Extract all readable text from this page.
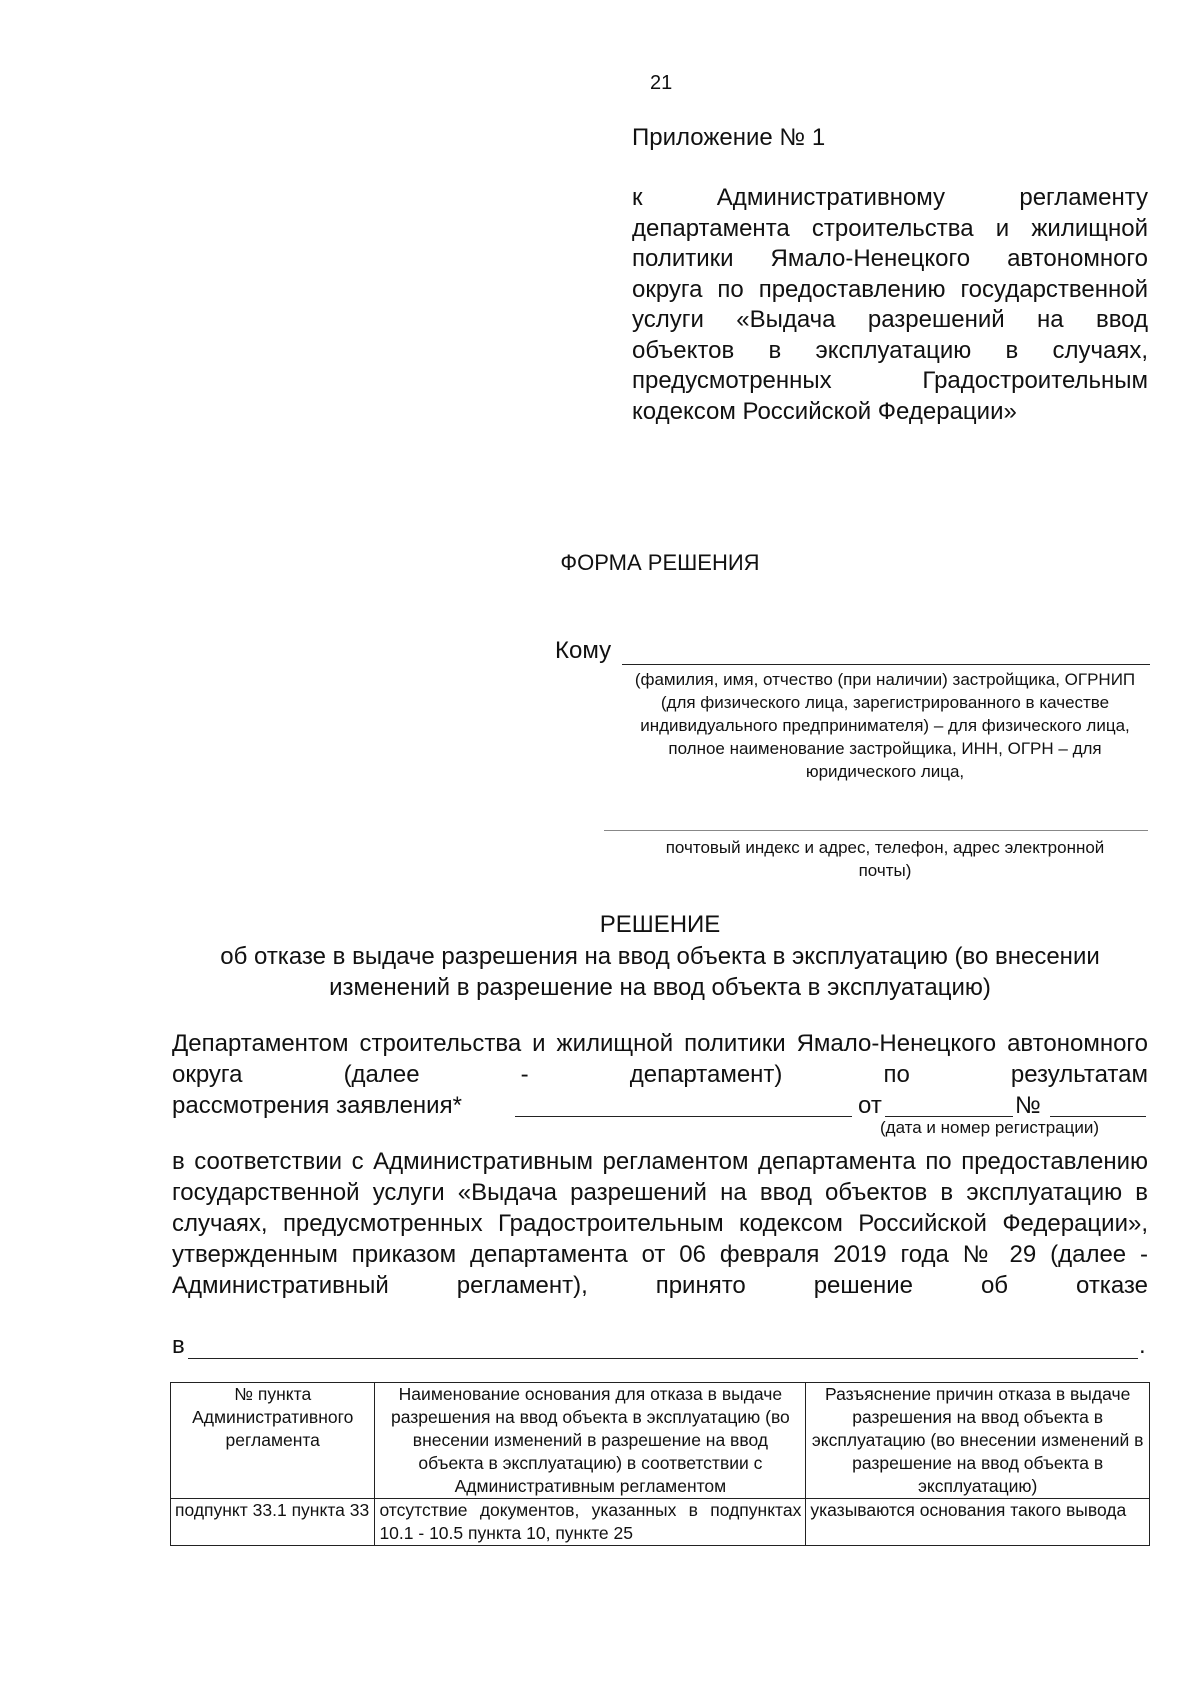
21
Приложение № 1
к Административному регламенту департамента строительства и жилищной политики Ямало-Ненецкого автономного округа по предоставлению государственной услуги «Выдача разрешений на ввод объектов в эксплуатацию в случаях, предусмотренных Градостроительным кодексом Российской Федерации»
ФОРМА РЕШЕНИЯ
Кому
(фамилия, имя, отчество (при наличии) застройщика, ОГРНИП (для физического лица, зарегистрированного в качестве индивидуального предпринимателя) – для физического лица, полное наименование застройщика, ИНН, ОГРН – для юридического лица,
почтовый индекс и адрес, телефон, адрес электронной почты)
РЕШЕНИЕ
об отказе в выдаче разрешения на ввод объекта в эксплуатацию (во внесении изменений в разрешение на ввод объекта в эксплуатацию)
Департаментом строительства и жилищной политики Ямало-Ненецкого автономного округа (далее - департамент) по результатам
рассмотрения заявления*	от	№
(дата и номер регистрации)
в соответствии с Административным регламентом департамента по предоставлению государственной услуги «Выдача разрешений на ввод объектов в эксплуатацию в случаях, предусмотренных Градостроительным кодексом Российской Федерации», утвержденным приказом департамента от 06 февраля 2019 года № 29 (далее - Административный регламент), принято решение об отказе
в	.
№ пункта Административного регламента	Наименование основания для отказа в выдаче разрешения на ввод объекта в эксплуатацию (во внесении изменений в разрешение на ввод объекта в эксплуатацию) в соответствии с Административным регламентом	Разъяснение причин отказа в выдаче разрешения на ввод объекта в эксплуатацию (во внесении изменений в разрешение на ввод объекта в эксплуатацию)
подпункт 33.1 пункта 33	отсутствие документов, указанных в подпунктах 10.1 - 10.5 пункта 10, пункте 25	указываются основания такого вывода
